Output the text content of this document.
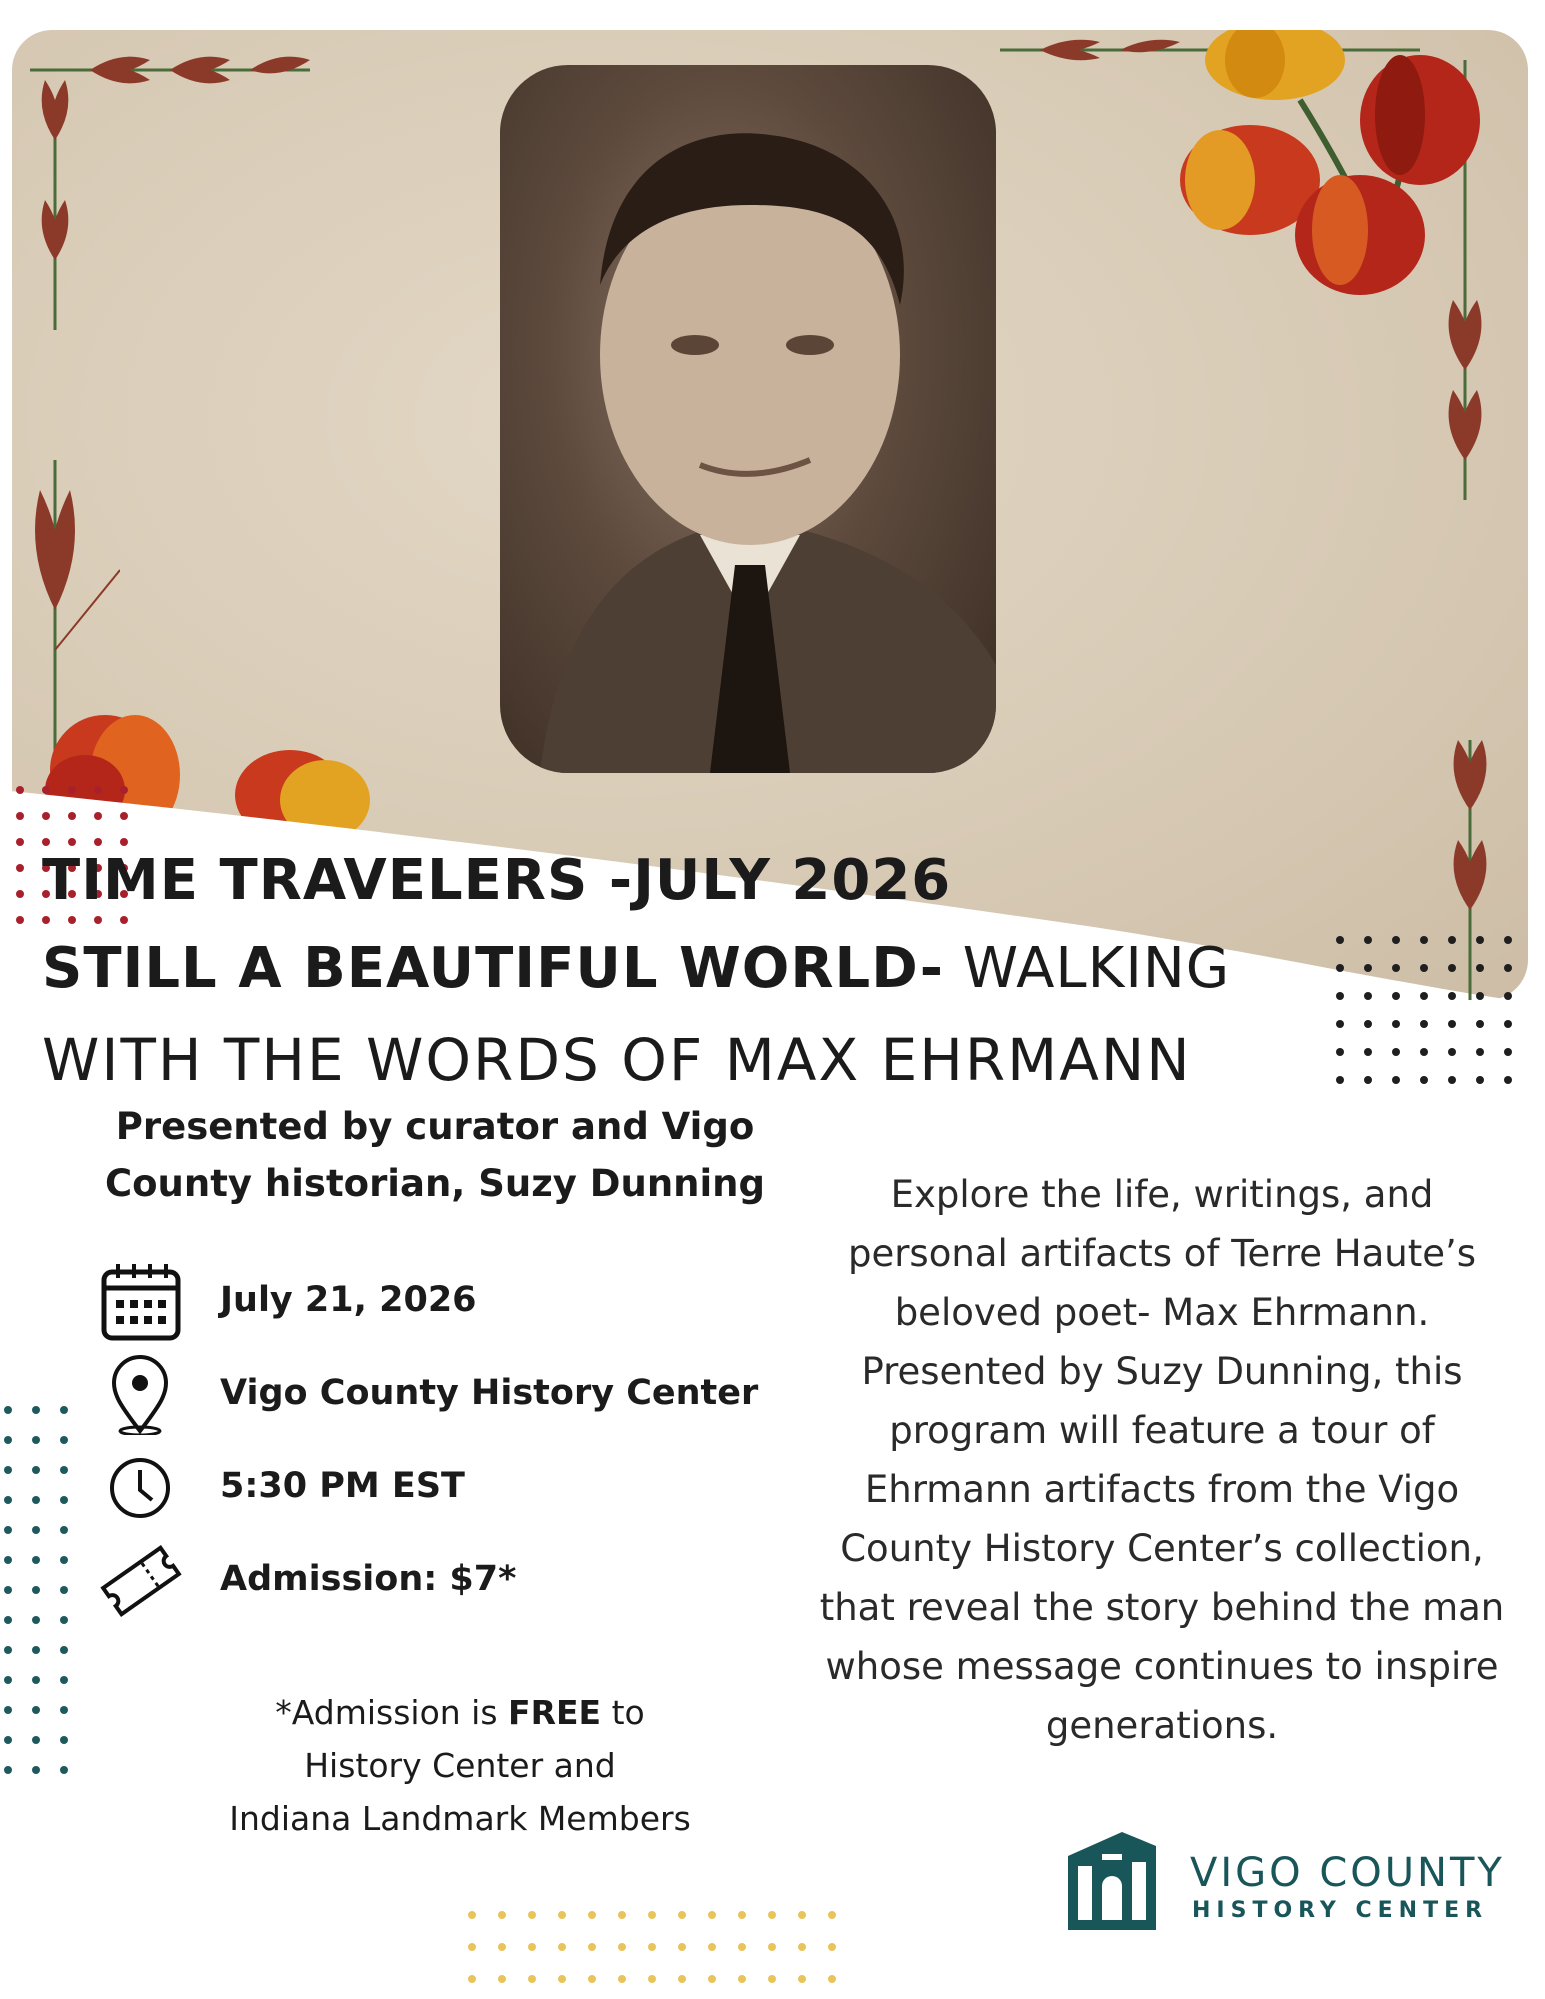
TIME TRAVELERS -JULY 2026
STILL A BEAUTIFUL WORLD- WALKING
WITH THE WORDS OF MAX EHRMANN

Presented by curator and Vigo County historian, Suzy Dunning

July 21, 2026
Vigo County History Center
5:30 PM EST
Admission: $7*
*Admission is FREE to
History Center and
Indiana Landmark Members

Explore the life, writings, and personal artifacts of Terre Haute’s beloved poet- Max Ehrmann. Presented by Suzy Dunning, this program will feature a tour of Ehrmann artifacts from the Vigo County History Center’s collection, that reveal the story behind the man whose message continues to inspire generations.

VIGO COUNTY
HISTORY CENTER
